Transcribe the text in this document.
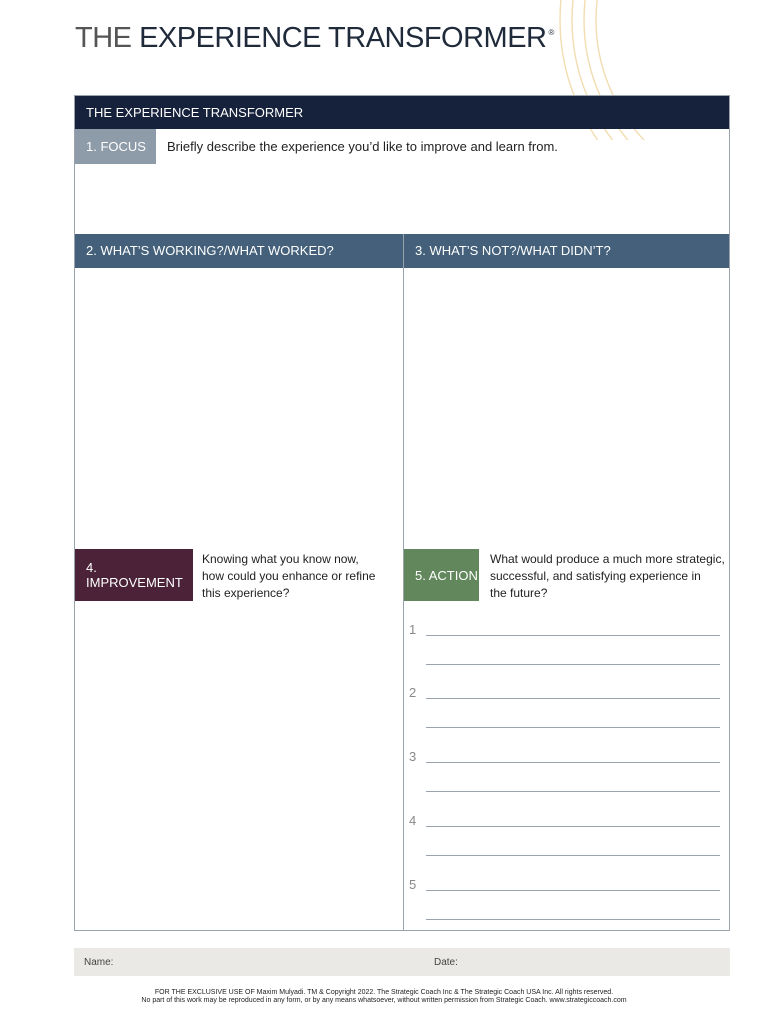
THE EXPERIENCE TRANSFORMER ®
THE EXPERIENCE TRANSFORMER
1. FOCUS Briefly describe the experience you’d like to improve and learn from.
2. WHAT’S WORKING?/WHAT WORKED?	3. WHAT’S NOT?/WHAT DIDN’T?
4. IMPROVEMENT
Knowing what you know now,
how could you enhance or refine
this experience?
5. ACTION
What would produce a much more strategic,
successful, and satisfying experience in
the future?
1
2
3
4
5
Name:	Date:
FOR THE EXCLUSIVE USE OF Maxim Mulyadi. TM & Copyright 2022. The Strategic Coach Inc & The Strategic Coach USA Inc. All rights reserved.
No part of this work may be reproduced in any form, or by any means whatsoever, without written permission from Strategic Coach. www.strategiccoach.com
